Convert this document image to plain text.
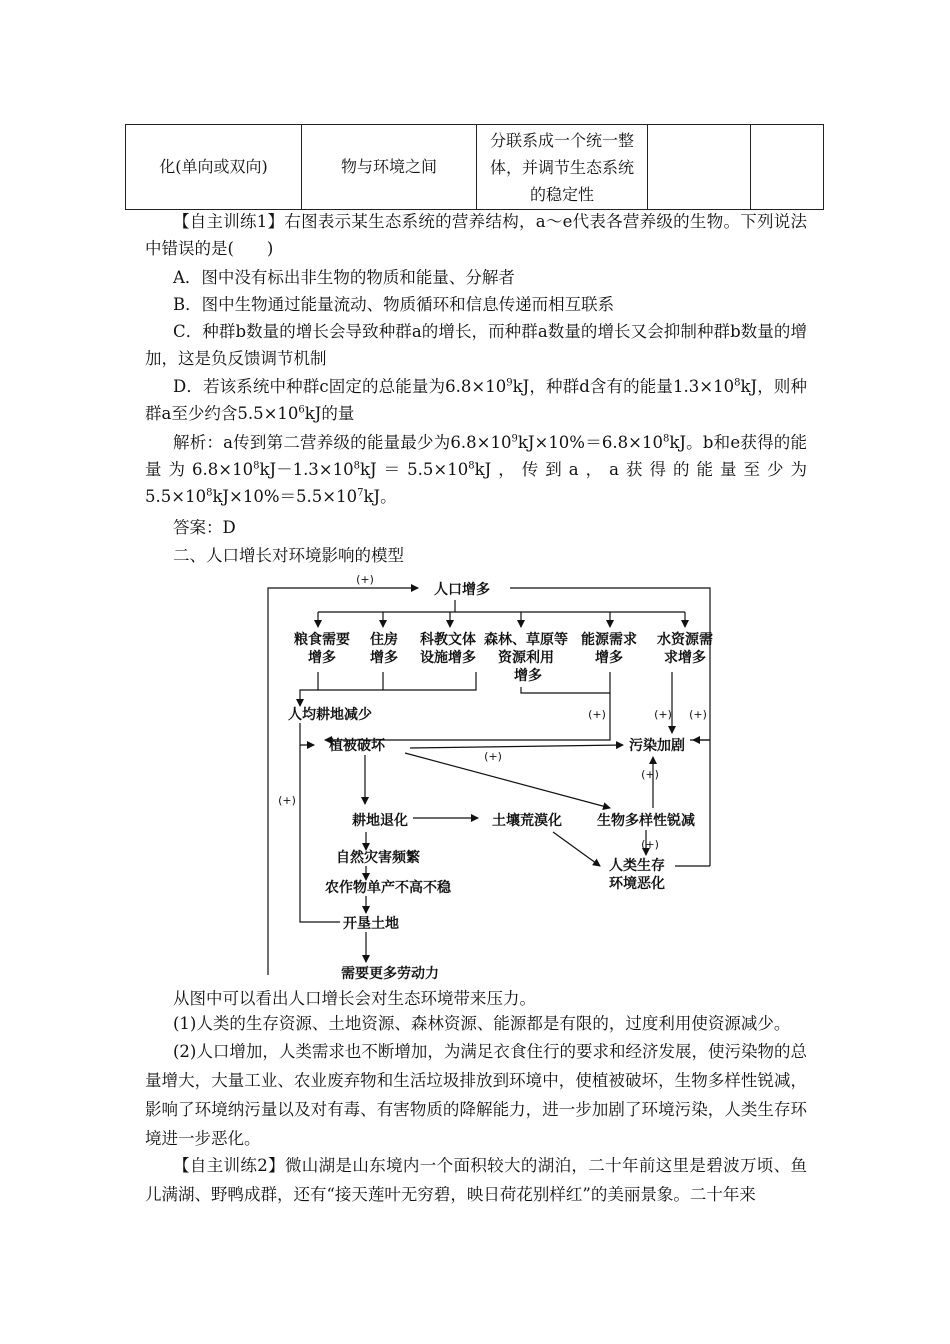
化(单向或双向)	物与环境之间	分联系成一个统一整体，并调节生态系统的稳定性		

【自主训练1】右图表示某生态系统的营养结构，a～e代表各营养级的生物。下列说法中错误的是(　　)

A．图中没有标出非生物的物质和能量、分解者

B．图中生物通过能量流动、物质循环和信息传递而相互联系

C．种群b数量的增长会导致种群a的增长，而种群a数量的增长又会抑制种群b数量的增加，这是负反馈调节机制

D．若该系统中种群c固定的总能量为$6.8\times 10^9kJ$，种群d含有的能量$1.3\times 10^8kJ$，则种群a至少约含$5.5\times 10^6kJ$的量

解析：a传到第二营养级的能量最少为$6.8\times 10^9kJ\times 10\%=6.8\times 10^8kJ$。b和e获得的能量为$6.8\times 10^8kJ-1.3\times 10^8kJ=5.5\times 10^8kJ$，传到a，a获得的能量至少为$5.5\times 10^8kJ\times 10\%=5.5\times 10^7kJ$。

答案：D
二、人口增长对环境影响的模型
人口增多
粮食需要
增多
住房
增多
科教文体
设施增多
森林、草原等
资源利用
增多
能源需求
增多
水资源需
求增多
人均耕地减少
植被破坏	污染加剧
耕地退化	土壤荒漠化	生物多样性锐减
自然灾害频繁
农作物单产不高不稳
开垦土地
需要更多劳动力
人类生存
环境恶化
(+)
(+)	(+) (+)
(+)
(+)
(+)
(+)
从图中可以看出人口增长会对生态环境带来压力。

(1)人类的生存资源、土地资源、森林资源、能源都是有限的，过度利用使资源减少。

(2)人口增加，人类需求也不断增加，为满足衣食住行的要求和经济发展，使污染物的总量增大，大量工业、农业废弃物和生活垃圾排放到环境中，使植被破坏，生物多样性锐减，影响了环境纳污量以及对有毒、有害物质的降解能力，进一步加剧了环境污染，人类生存环境进一步恶化。

【自主训练2】微山湖是山东境内一个面积较大的湖泊，二十年前这里是碧波万顷、鱼儿满湖、野鸭成群，还有“接天莲叶无穷碧，映日荷花别样红”的美丽景象。二十年来
